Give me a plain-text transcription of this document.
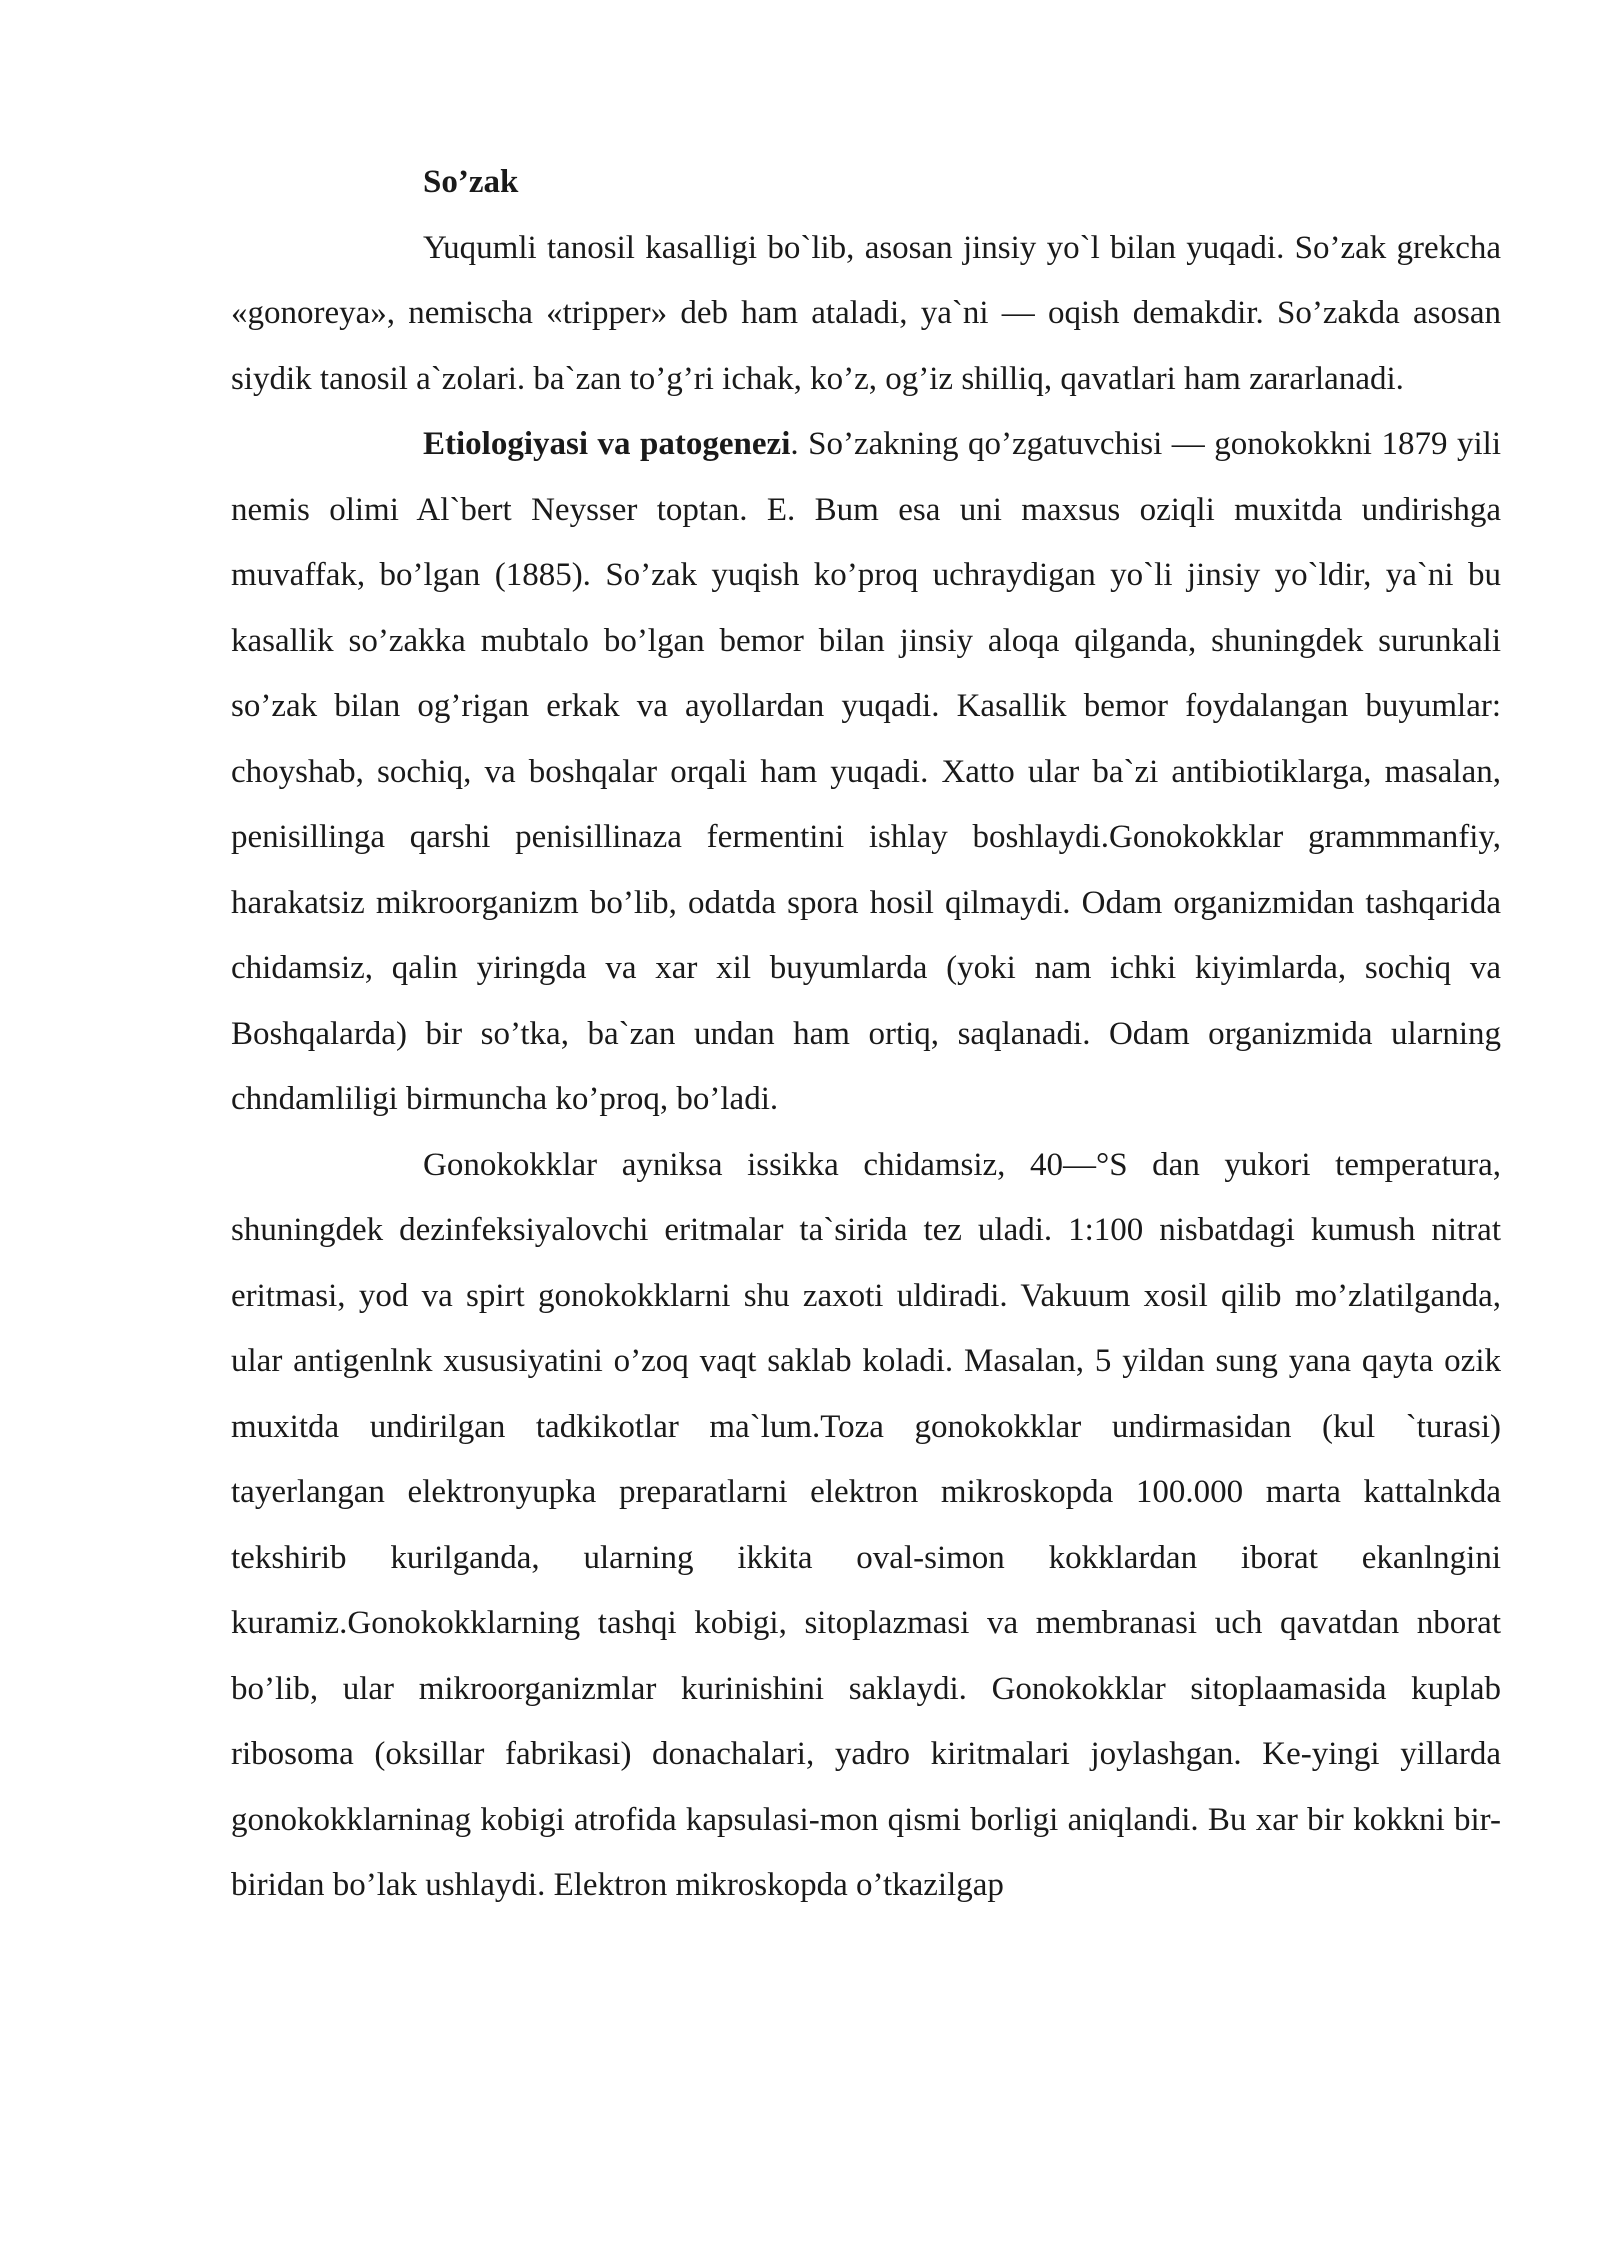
So’zak

Yuqumli tanosil kasalligi bo`lib, asosan jinsiy yo`l bilan yuqadi. So’zak grekcha «gonoreya», nemischa «tripper» deb ham ataladi, ya`ni — oqish demakdir. So’zakda asosan siydik tanosil a`zolari. ba`zan to’g’ri ichak, ko’z, og’iz shilliq, qavatlari ham zararlanadi.

Etiologiyasi va patogenezi. So’zakning qo’zgatuvchisi — gonokokkni 1879 yili nemis olimi Al`bert Neysser toptan. E. Bum esa uni maxsus oziqli muxitda undirishga muvaffak, bo’lgan (1885). So’zak yuqish ko’proq uchraydigan yo`li jinsiy yo`ldir, ya`ni bu kasallik so’zakka mubtalo bo’lgan bemor bilan jinsiy aloqa qilganda, shuningdek surunkali so’zak bilan og’rigan erkak va ayollardan yuqadi. Kasallik bemor foydalangan buyumlar: choyshab, sochiq, va boshqalar orqali ham yuqadi. Xatto ular ba`zi antibiotiklarga, masalan, penisillinga qarshi penisillinaza fermentini ishlay boshlaydi.Gonokokklar grammmanfiy, harakatsiz mikroorganizm bo’lib, odatda spora hosil qilmaydi. Odam organizmidan tashqarida chidamsiz, qalin yiringda va xar xil buyumlarda (yoki nam ichki kiyimlarda, sochiq va Boshqalarda) bir so’tka, ba`zan undan ham ortiq, saqlanadi. Odam organizmida ularning chndamliligi birmuncha ko’proq, bo’ladi.

Gonokokklar ayniksa issikka chidamsiz, 40—°S dan yukori temperatura, shuningdek dezinfeksiyalovchi eritmalar ta`sirida tez uladi. 1:100 nisbatdagi kumush nitrat eritmasi, yod va spirt gonokokklarni shu zaxoti uldiradi. Vakuum xosil qilib mo’zlatilganda, ular antigenlnk xususiyatini o’zoq vaqt saklab koladi. Masalan, 5 yildan sung yana qayta ozik muxitda undirilgan tadkikotlar ma`lum.Toza gonokokklar undirmasidan (kul `turasi) tayerlangan elektronyupka preparatlarni elektron mikroskopda 100.000 marta kattalnkda tekshirib kurilganda, ularning ikkita oval-simon kokklardan iborat ekanlngini kuramiz.Gonokokklarning tashqi kobigi, sitoplazmasi va membranasi uch qavatdan nborat bo’lib, ular mikroorganizmlar kurinishini saklaydi. Gonokokklar sitoplaamasida kuplab ribosoma (oksillar fabrikasi) donachalari, yadro kiritmalari joylashgan. Ke-yingi yillarda gonokokklarninag kobigi atrofida kapsulasi-mon qismi borligi aniqlandi. Bu xar bir kokkni bir-biridan bo’lak ushlaydi. Elektron mikroskopda o’tkazilgap
